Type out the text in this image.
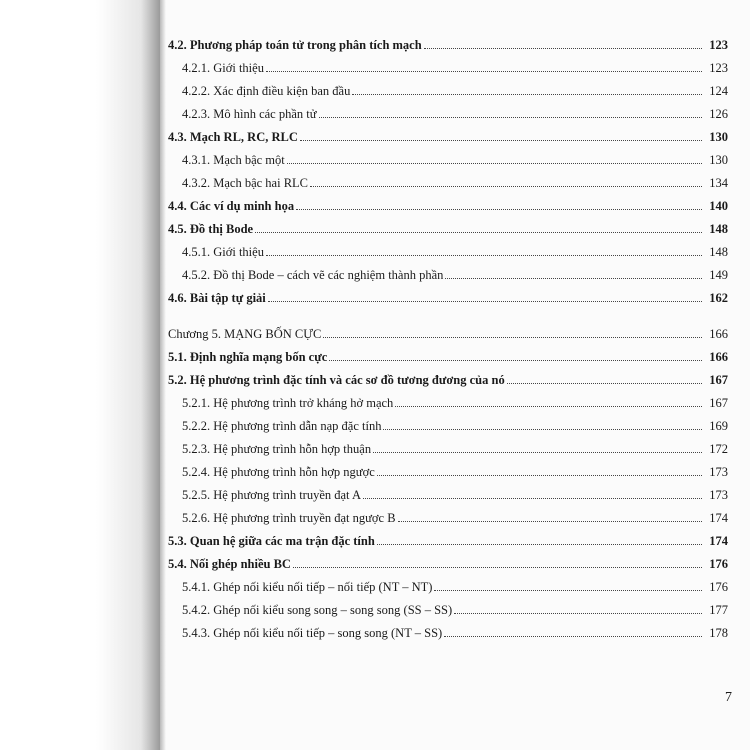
4.2. Phương pháp toán tử trong phân tích mạch	123
4.2.1. Giới thiệu	123
4.2.2. Xác định điều kiện ban đầu	124
4.2.3. Mô hình các phần tử	126
4.3. Mạch RL, RC, RLC	130
4.3.1. Mạch bậc một	130
4.3.2. Mạch bậc hai RLC	134
4.4. Các ví dụ minh họa	140
4.5. Đồ thị Bode	148
4.5.1. Giới thiệu	148
4.5.2. Đồ thị Bode – cách vẽ các nghiệm thành phần	149
4.6. Bài tập tự giải	162
Chương 5. MẠNG BỐN CỰC	166
5.1. Định nghĩa mạng bốn cực	166
5.2. Hệ phương trình đặc tính và các sơ đồ tương đương của nó	167
5.2.1. Hệ phương trình trở kháng hở mạch	167
5.2.2. Hệ phương trình dẫn nạp đặc tính	169
5.2.3. Hệ phương trình hỗn hợp thuận	172
5.2.4. Hệ phương trình hỗn hợp ngược	173
5.2.5. Hệ phương trình truyền đạt A	173
5.2.6. Hệ phương trình truyền đạt ngược B	174
5.3. Quan hệ giữa các ma trận đặc tính	174
5.4. Nối ghép nhiều BC	176
5.4.1. Ghép nối kiểu nối tiếp – nối tiếp (NT – NT)	176
5.4.2. Ghép nối kiểu song song – song song (SS – SS)	177
5.4.3. Ghép nối kiểu nối tiếp – song song (NT – SS)	178
7
